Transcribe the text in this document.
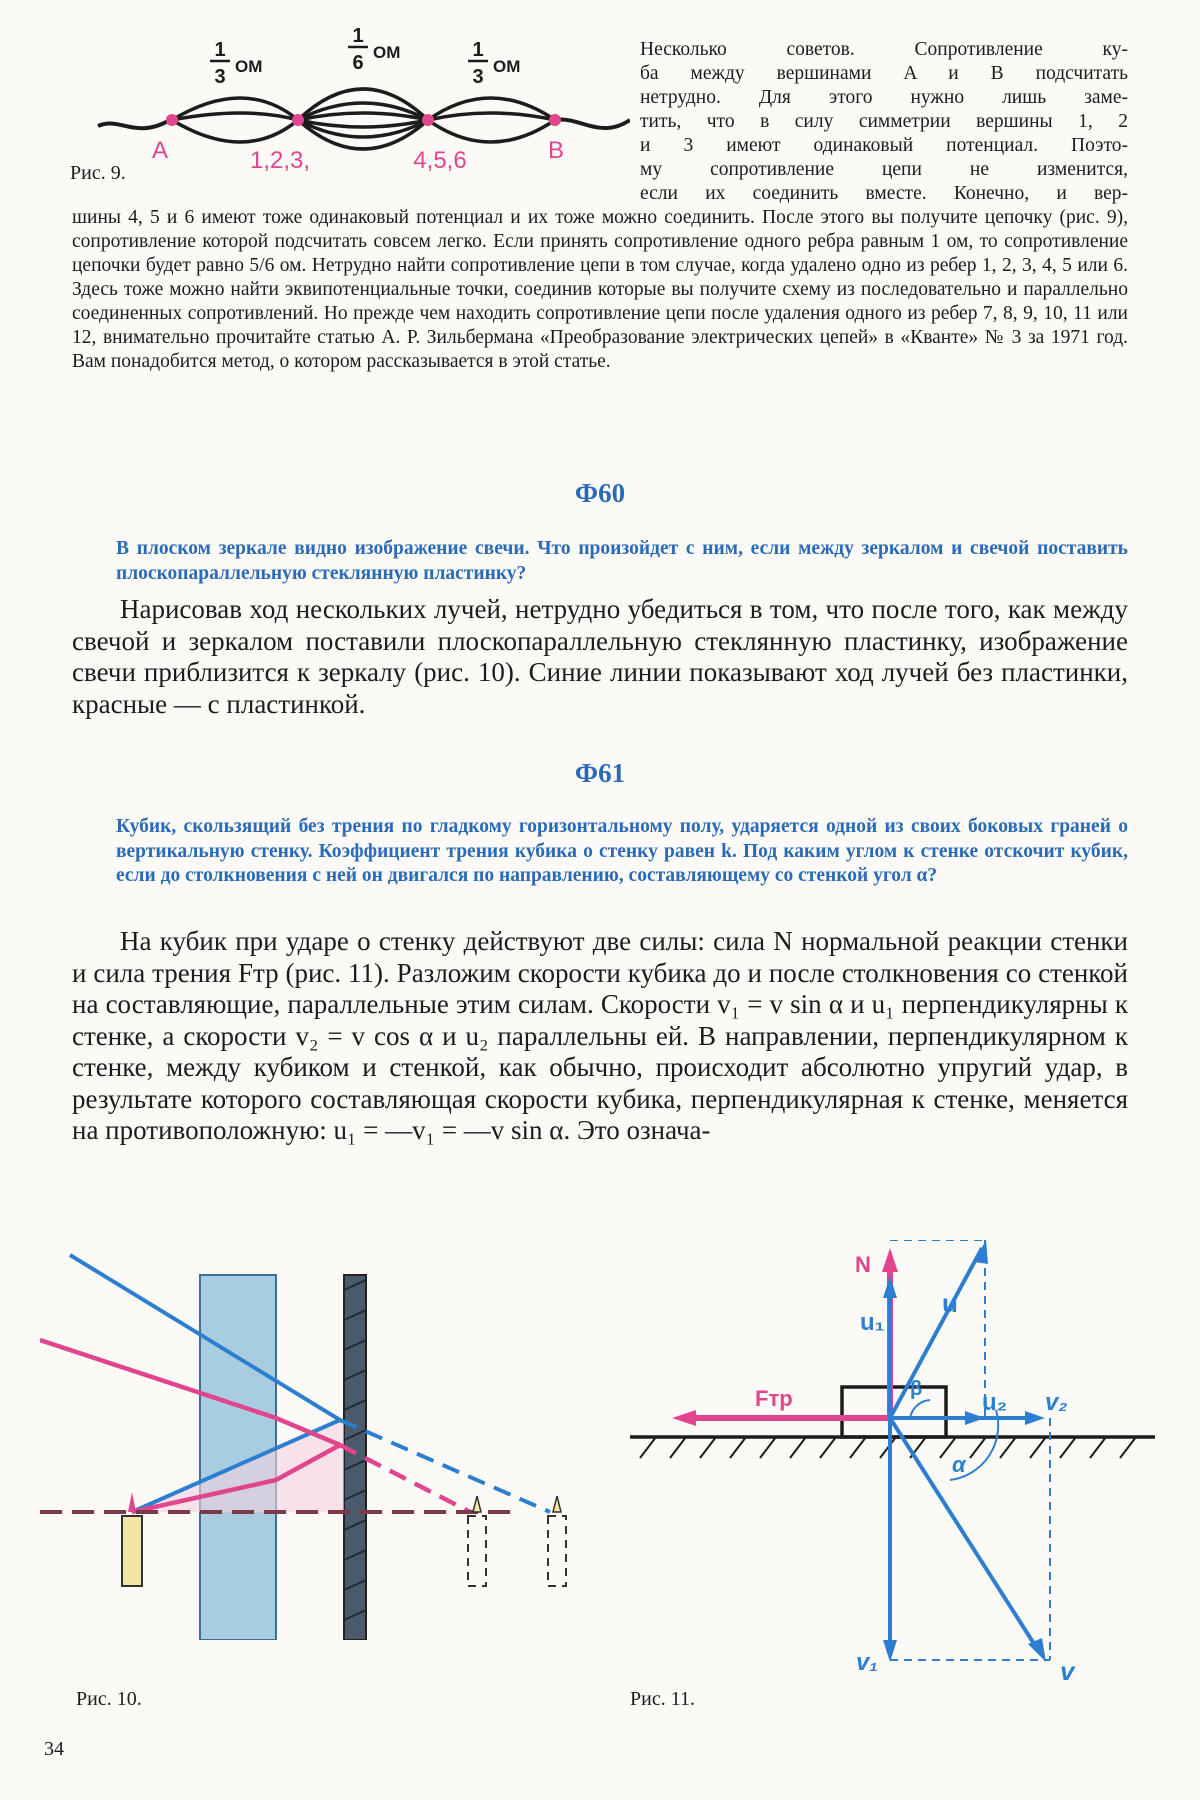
1
3 ОМ
1
6 ОМ	1
3 ОМ
A	1,2,3,	4,5,6	B
Рис. 9.
Несколько советов. Сопротивление ку-
ба между вершинами A и B подсчитать
нетрудно. Для этого нужно лишь заме-
тить, что в силу симметрии вершины 1, 2
и 3 имеют одинаковый потенциал. Поэто-
му сопротивление цепи не изменится,
если их соединить вместе. Конечно, и вер-
шины 4, 5 и 6 имеют тоже одинаковый потенциал и их тоже можно соединить. После этого вы получите цепочку (рис. 9), сопротивление которой подсчитать совсем легко. Если принять сопротивление одного ребра равным 1 ом, то сопротивление цепочки будет равно 5/6 ом. Нетрудно найти сопротивление цепи в том случае, когда удалено одно из ребер 1, 2, 3, 4, 5 или 6. Здесь тоже можно найти эквипотенциальные точки, соединив которые вы получите схему из последовательно и параллельно соединенных сопротивлений. Но прежде чем находить сопротивление цепи после удаления одного из ребер 7, 8, 9, 10, 11 или 12, внимательно прочитайте статью А. Р. Зильбермана «Преобразование электрических цепей» в «Кванте» № 3 за 1971 год. Вам понадобится метод, о котором рассказывается в этой статье.
Ф60
В плоском зеркале видно изображение свечи. Что произойдет с ним, если между зеркалом и свечой поставить плоскопараллельную стеклянную пластинку?
Нарисовав ход нескольких лучей, нетрудно убедиться в том, что после того, как между свечой и зеркалом поставили плоскопараллельную стеклянную пластинку, изображение свечи приблизится к зеркалу (рис. 10). Синие линии показывают ход лучей без пластинки, красные — с пластинкой.
Ф61
Кубик, скользящий без трения по гладкому горизонтальному полу, ударяется одной из своих боковых граней о вертикальную стенку. Коэффициент трения кубика о стенку равен k. Под каким углом к стенке отскочит кубик, если до столкновения с ней он двигался по направлению, составляющему со стенкой угол α?
На кубик при ударе о стенку действуют две силы: сила N нормальной реакции стенки и сила трения Fтр (рис. 11). Разложим скорости кубика до и после столкновения со стенкой на составляющие, параллельные этим силам. Скорости v₁ = v sin α и u₁ перпендикулярны к стенке, а скорости v₂ = v cos α и u₂ параллельны ей. В направлении, перпендикулярном к стенке, между кубиком и стенкой, как обычно, происходит абсолютно упругий удар, в результате которого составляющая скорости кубика, перпендикулярная к стенке, меняется на противоположную: u₁ = —v₁ = —v sin α. Это означа-
Рис. 10.
N
u₁
u
Fтр	β u₂ v₂
α
v₁	v
Рис. 11.
34
